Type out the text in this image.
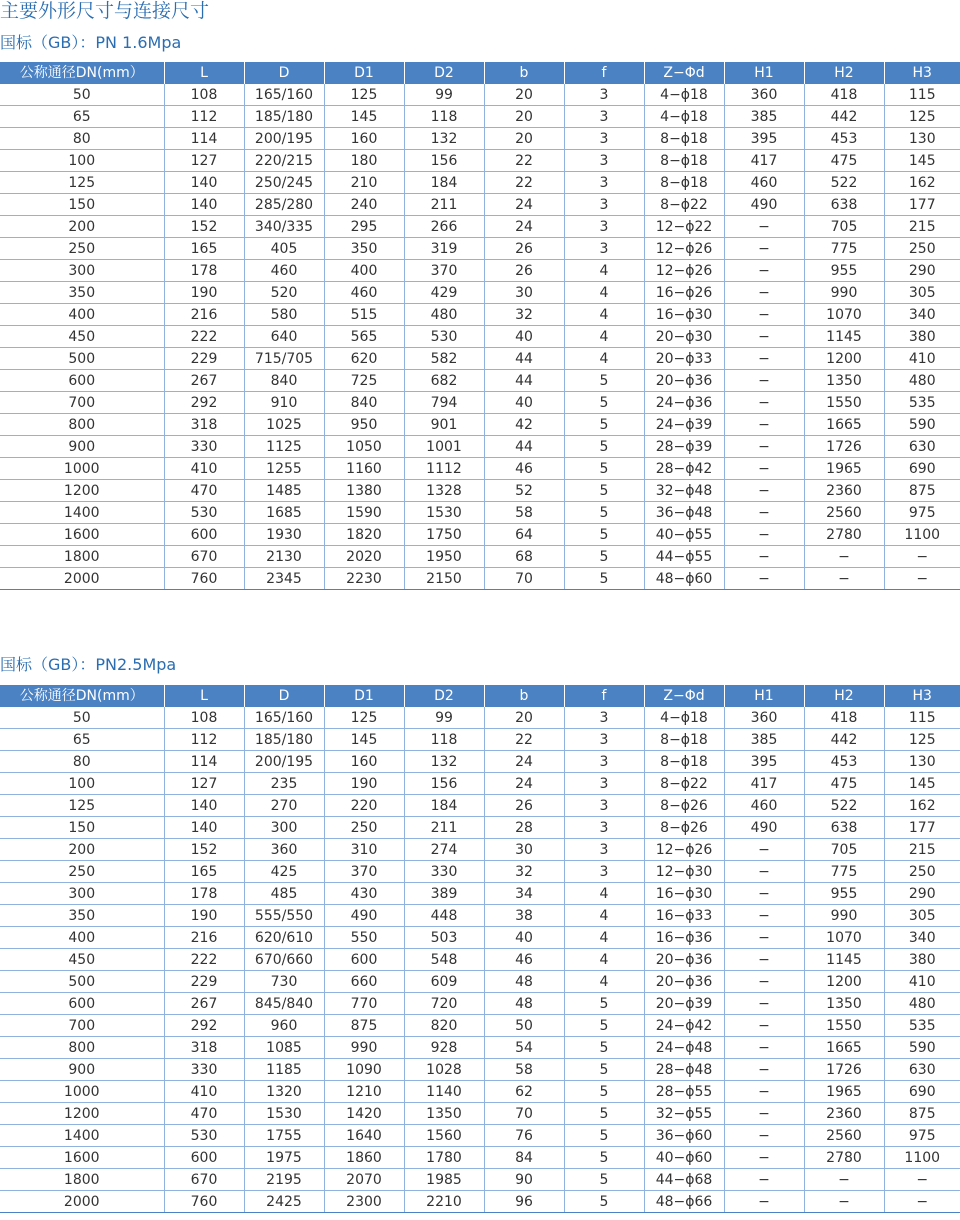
主要外形尺寸与连接尺寸
国标（GB）：PN 1.6Mpa
公称通径DN(mm）	L	D	D1	D2	b	f	Z−Φd	H1	H2	H3
50	108	165/160	125	99	20	3	4−ϕ18	360	418	115
65	112	185/180	145	118	20	3	4−ϕ18	385	442	125
80	114	200/195	160	132	20	3	8−ϕ18	395	453	130
100	127	220/215	180	156	22	3	8−ϕ18	417	475	145
125	140	250/245	210	184	22	3	8−ϕ18	460	522	162
150	140	285/280	240	211	24	3	8−ϕ22	490	638	177
200	152	340/335	295	266	24	3	12−ϕ22	−	705	215
250	165	405	350	319	26	3	12−ϕ26	−	775	250
300	178	460	400	370	26	4	12−ϕ26	−	955	290
350	190	520	460	429	30	4	16−ϕ26	−	990	305
400	216	580	515	480	32	4	16−ϕ30	−	1070	340
450	222	640	565	530	40	4	20−ϕ30	−	1145	380
500	229	715/705	620	582	44	4	20−ϕ33	−	1200	410
600	267	840	725	682	44	5	20−ϕ36	−	1350	480
700	292	910	840	794	40	5	24−ϕ36	−	1550	535
800	318	1025	950	901	42	5	24−ϕ39	−	1665	590
900	330	1125	1050	1001	44	5	28−ϕ39	−	1726	630
1000	410	1255	1160	1112	46	5	28−ϕ42	−	1965	690
1200	470	1485	1380	1328	52	5	32−ϕ48	−	2360	875
1400	530	1685	1590	1530	58	5	36−ϕ48	−	2560	975
1600	600	1930	1820	1750	64	5	40−ϕ55	−	2780	1100
1800	670	2130	2020	1950	68	5	44−ϕ55	−	−	−
2000	760	2345	2230	2150	70	5	48−ϕ60	−	−	−
国标（GB）：PN2.5Mpa
公称通径DN(mm）	L	D	D1	D2	b	f	Z−Φd	H1	H2	H3
50	108	165/160	125	99	20	3	4−ϕ18	360	418	115
65	112	185/180	145	118	22	3	8−ϕ18	385	442	125
80	114	200/195	160	132	24	3	8−ϕ18	395	453	130
100	127	235	190	156	24	3	8−ϕ22	417	475	145
125	140	270	220	184	26	3	8−ϕ26	460	522	162
150	140	300	250	211	28	3	8−ϕ26	490	638	177
200	152	360	310	274	30	3	12−ϕ26	−	705	215
250	165	425	370	330	32	3	12−ϕ30	−	775	250
300	178	485	430	389	34	4	16−ϕ30	−	955	290
350	190	555/550	490	448	38	4	16−ϕ33	−	990	305
400	216	620/610	550	503	40	4	16−ϕ36	−	1070	340
450	222	670/660	600	548	46	4	20−ϕ36	−	1145	380
500	229	730	660	609	48	4	20−ϕ36	−	1200	410
600	267	845/840	770	720	48	5	20−ϕ39	−	1350	480
700	292	960	875	820	50	5	24−ϕ42	−	1550	535
800	318	1085	990	928	54	5	24−ϕ48	−	1665	590
900	330	1185	1090	1028	58	5	28−ϕ48	−	1726	630
1000	410	1320	1210	1140	62	5	28−ϕ55	−	1965	690
1200	470	1530	1420	1350	70	5	32−ϕ55	−	2360	875
1400	530	1755	1640	1560	76	5	36−ϕ60	−	2560	975
1600	600	1975	1860	1780	84	5	40−ϕ60	−	2780	1100
1800	670	2195	2070	1985	90	5	44−ϕ68	−	−	−
2000	760	2425	2300	2210	96	5	48−ϕ66	−	−	−
